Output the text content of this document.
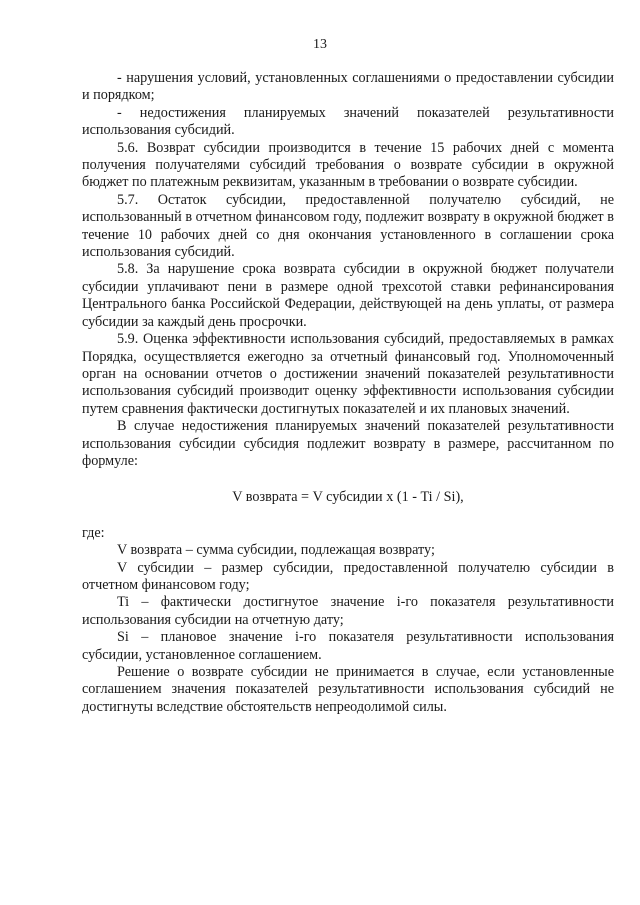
13

- нарушения условий, установленных соглашениями о предоставлении субсидии и порядком;

- недостижения планируемых значений показателей результативности использования субсидий.

5.6. Возврат субсидии производится в течение 15 рабочих дней с момента получения получателями субсидий требования о возврате субсидии в окружной бюджет по платежным реквизитам, указанным в требовании о возврате субсидии.

5.7. Остаток субсидии, предоставленной получателю субсидий, не использованный в отчетном финансовом году, подлежит возврату в окружной бюджет в течение 10 рабочих дней со дня окончания установленного в соглашении срока использования субсидий.

5.8. За нарушение срока возврата субсидии в окружной бюджет получатели субсидии уплачивают пени в размере одной трехсотой ставки рефинансирования Центрального банка Российской Федерации, действующей на день уплаты, от размера субсидии за каждый день просрочки.

5.9. Оценка эффективности использования субсидий, предоставляемых в рамках Порядка, осуществляется ежегодно за отчетный финансовый год. Уполномоченный орган на основании отчетов о достижении значений показателей результативности использования субсидий производит оценку эффективности использования субсидии путем сравнения фактически достигнутых показателей и их плановых значений.

В случае недостижения планируемых значений показателей результативности использования субсидии субсидия подлежит возврату в размере, рассчитанном по формуле:

V возврата = V субсидии х (1 - Ti / Si),

где:

V возврата – сумма субсидии, подлежащая возврату;

V субсидии – размер субсидии, предоставленной получателю субсидии в отчетном финансовом году;

Ti – фактически достигнутое значение i-го показателя результативности использования субсидии на отчетную дату;

Si – плановое значение i-го показателя результативности использования субсидии, установленное соглашением.

Решение о возврате субсидии не принимается в случае, если установленные соглашением значения показателей результативности использования субсидий не достигнуты вследствие обстоятельств непреодолимой силы.
